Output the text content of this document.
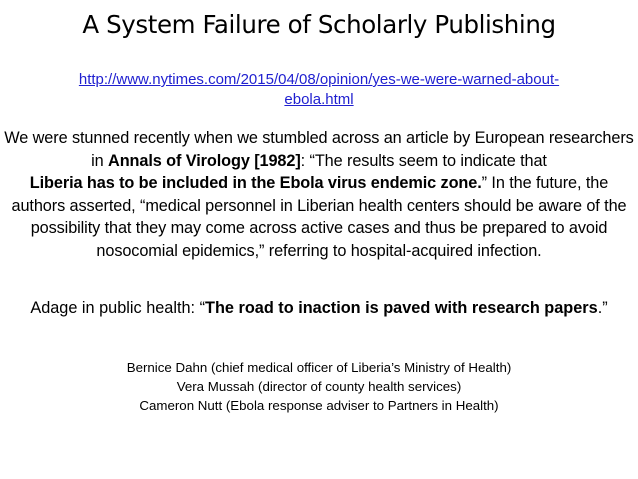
A System Failure of Scholarly Publishing

http://www.nytimes.com/2015/04/08/opinion/yes-we-were-warned-about-
ebola.html

We were stunned recently when we stumbled across an article by European researchers in Annals of Virology [1982]: “The results seem to indicate that
Liberia has to be included in the Ebola virus endemic zone.” In the future, the authors asserted, “medical personnel in Liberian health centers should be aware of the possibility that they may come across active cases and thus be prepared to avoid nosocomial epidemics,” referring to hospital-acquired infection.

Adage in public health: “The road to inaction is paved with research papers.”

Bernice Dahn (chief medical officer of Liberia’s Ministry of Health)
Vera Mussah (director of county health services)
Cameron Nutt (Ebola response adviser to Partners in Health)
